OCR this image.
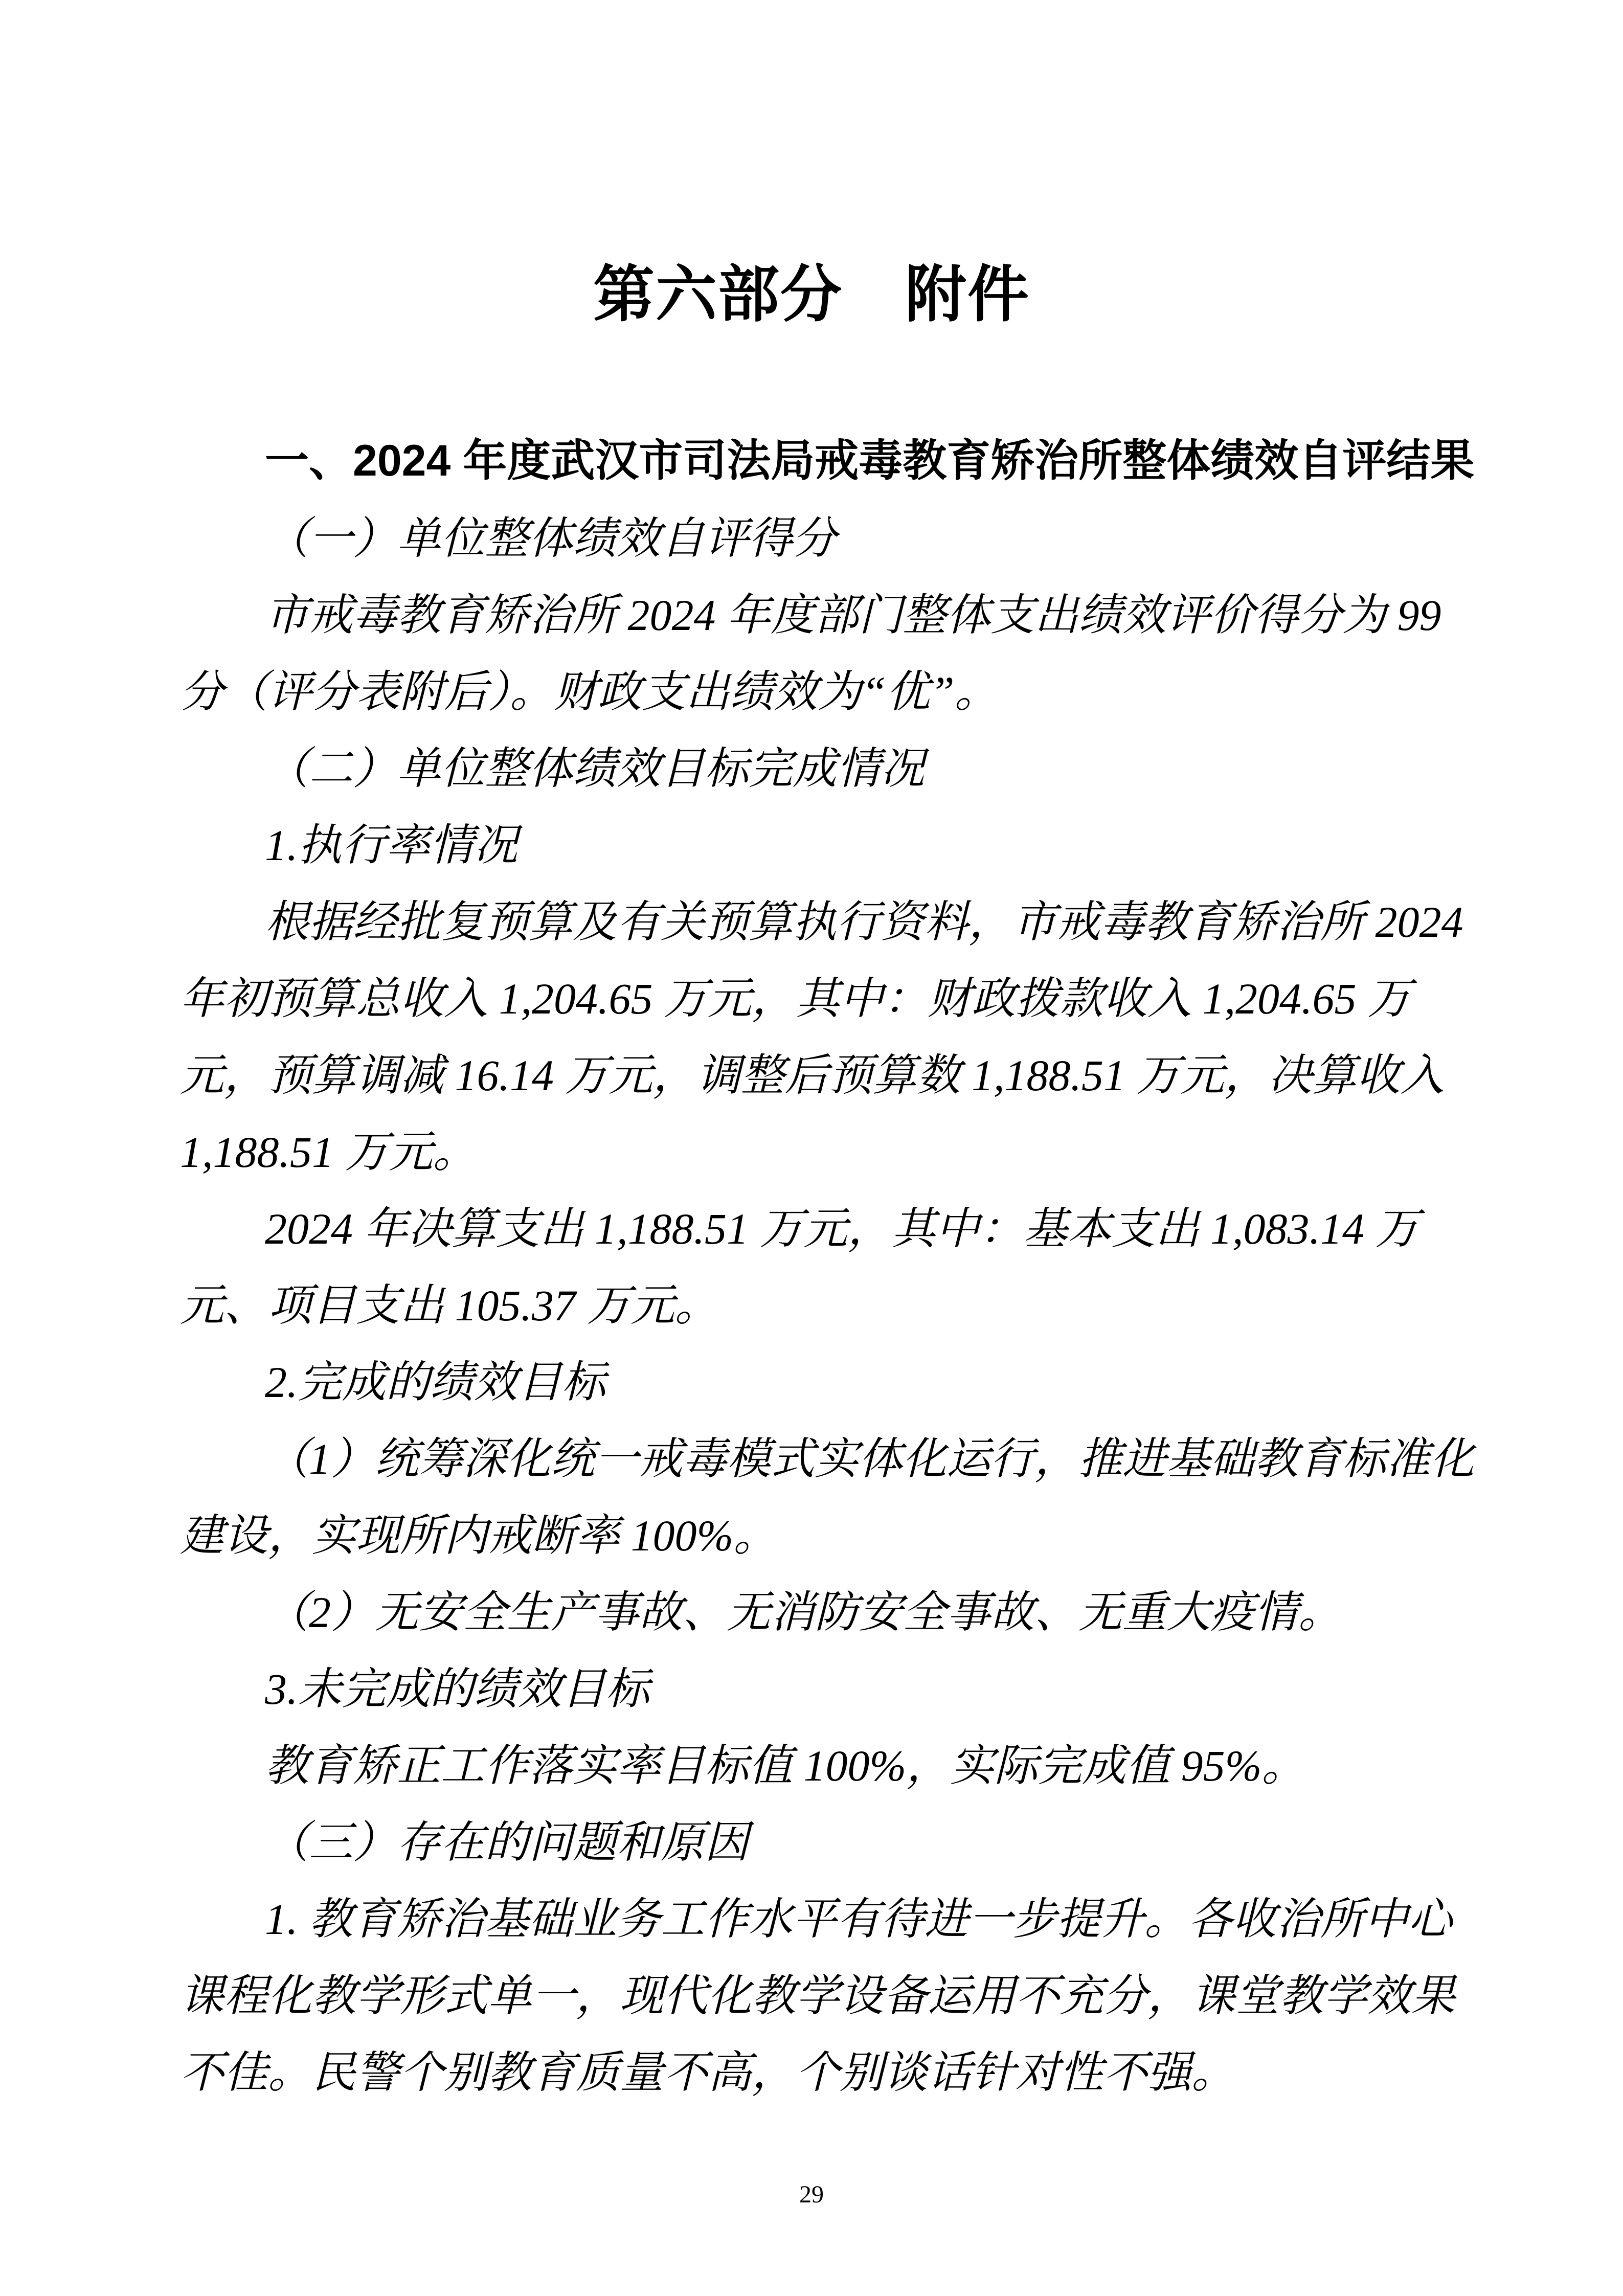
第六部分　附件
一、2024 年度武汉市司法局戒毒教育矫治所整体绩效自评结果
（一）单位整体绩效自评得分
市戒毒教育矫治所 2024 年度部门整体支出绩效评价得分为 99
分（评分表附后）。财政支出绩效为“优”。
（二）单位整体绩效目标完成情况
1.执行率情况
根据经批复预算及有关预算执行资料，市戒毒教育矫治所 2024
年初预算总收入 1,204.65 万元，其中：财政拨款收入 1,204.65 万
元，预算调减 16.14 万元，调整后预算数 1,188.51 万元，决算收入
1,188.51 万元。
2024 年决算支出 1,188.51 万元，其中：基本支出 1,083.14 万
元、项目支出 105.37 万元。
2.完成的绩效目标
（1）统筹深化统一戒毒模式实体化运行，推进基础教育标准化
建设，实现所内戒断率 100%。
（2）无安全生产事故、无消防安全事故、无重大疫情。
3.未完成的绩效目标
教育矫正工作落实率目标值 100%，实际完成值 95%。
（三）存在的问题和原因
1. 教育矫治基础业务工作水平有待进一步提升。各收治所中心
课程化教学形式单一，现代化教学设备运用不充分，课堂教学效果
不佳。民警个别教育质量不高，个别谈话针对性不强。
29
